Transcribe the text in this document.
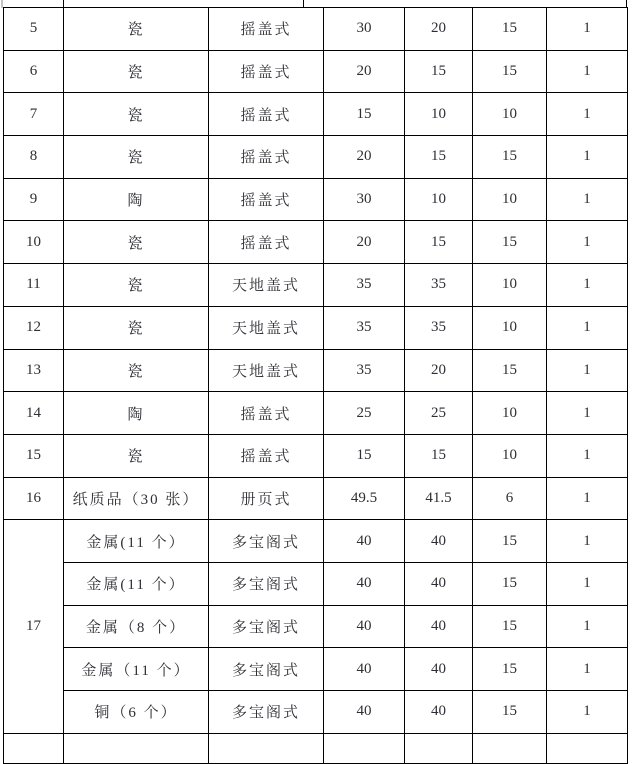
5	瓷	摇盖式	30	20	15	1
6	瓷	摇盖式	20	15	15	1
7	瓷	摇盖式	15	10	10	1
8	瓷	摇盖式	20	15	15	1
9	陶	摇盖式	30	10	10	1
10	瓷	摇盖式	20	15	15	1
11	瓷	天地盖式	35	35	10	1
12	瓷	天地盖式	35	35	10	1
13	瓷	天地盖式	35	20	15	1
14	陶	摇盖式	25	25	10	1
15	瓷	摇盖式	15	15	10	1
16	纸质品（30 张）	册页式	49.5	41.5	6	1
17	金属(11 个）	多宝阁式	40	40	15	1
	金属(11 个）	多宝阁式	40	40	15	1
	金属（8 个）	多宝阁式	40	40	15	1
	金属（11 个）	多宝阁式	40	40	15	1
	铜（6 个）	多宝阁式	40	40	15	1
